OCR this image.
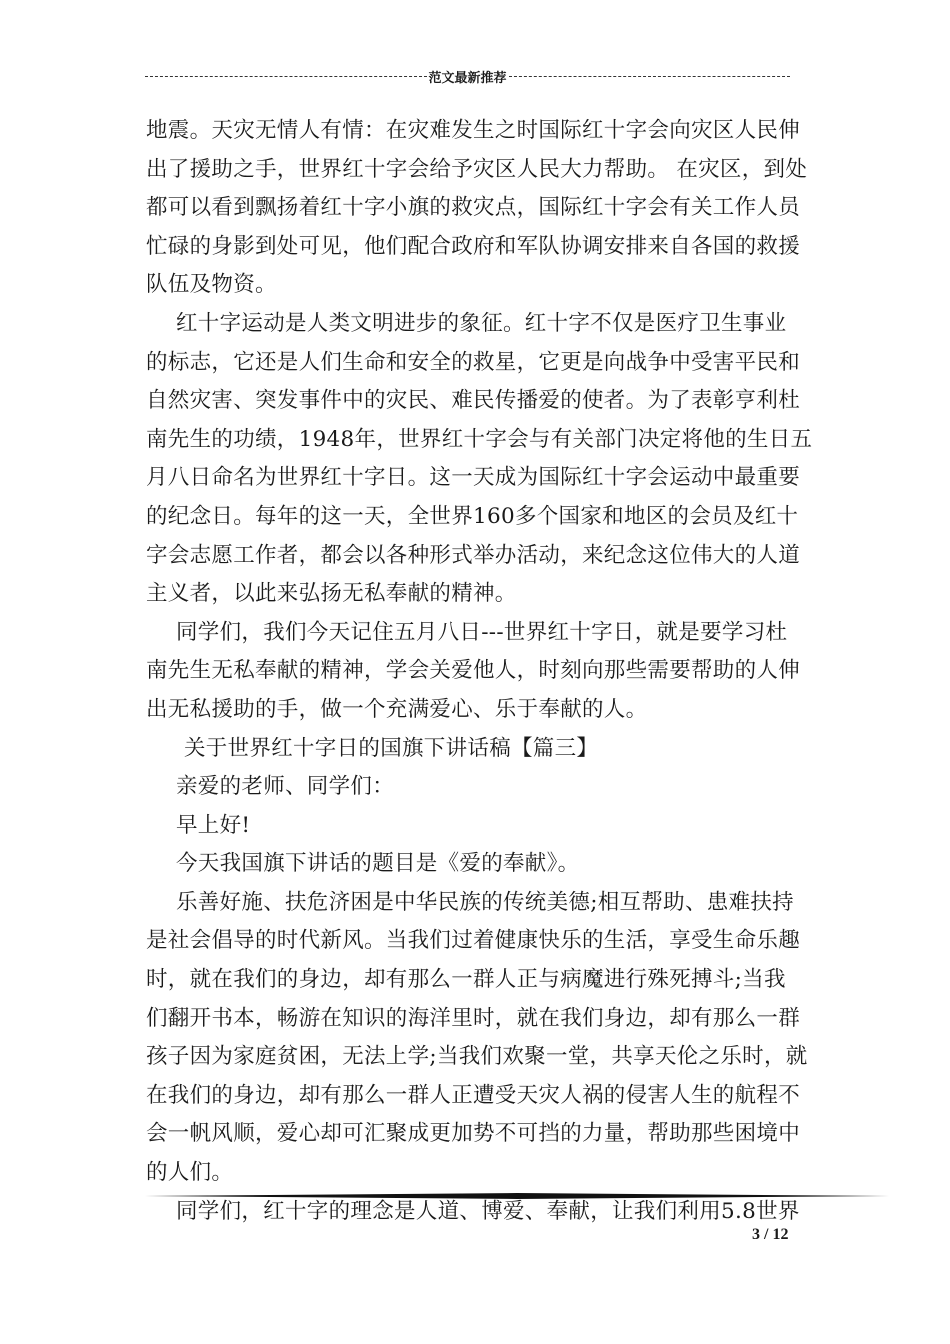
范文最新推荐
地震。天灾无情人有情：在灾难发生之时国际红十字会向灾区人民伸
出了援助之手，世界红十字会给予灾区人民大力帮助。 在灾区，到处
都可以看到飘扬着红十字小旗的救灾点，国际红十字会有关工作人员
忙碌的身影到处可见，他们配合政府和军队协调安排来自各国的救援
队伍及物资。
红十字运动是人类文明进步的象征。红十字不仅是医疗卫生事业
的标志，它还是人们生命和安全的救星，它更是向战争中受害平民和
自然灾害、突发事件中的灾民、难民传播爱的使者。为了表彰亨利杜
南先生的功绩，1948年，世界红十字会与有关部门决定将他的生日五
月八日命名为世界红十字日。这一天成为国际红十字会运动中最重要
的纪念日。每年的这一天，全世界160多个国家和地区的会员及红十
字会志愿工作者，都会以各种形式举办活动，来纪念这位伟大的人道
主义者，以此来弘扬无私奉献的精神。
同学们，我们今天记住五月八日---世界红十字日，就是要学习杜
南先生无私奉献的精神，学会关爱他人，时刻向那些需要帮助的人伸
出无私援助的手，做一个充满爱心、乐于奉献的人。
关于世界红十字日的国旗下讲话稿【篇三】
亲爱的老师、同学们：
早上好!
今天我国旗下讲话的题目是《爱的奉献》。
乐善好施、扶危济困是中华民族的传统美德;相互帮助、患难扶持
是社会倡导的时代新风。当我们过着健康快乐的生活，享受生命乐趣
时，就在我们的身边，却有那么一群人正与病魔进行殊死搏斗;当我
们翻开书本，畅游在知识的海洋里时，就在我们身边，却有那么一群
孩子因为家庭贫困，无法上学;当我们欢聚一堂，共享天伦之乐时，就
在我们的身边，却有那么一群人正遭受天灾人祸的侵害人生的航程不
会一帆风顺，爱心却可汇聚成更加势不可挡的力量，帮助那些困境中
的人们。
同学们，红十字的理念是人道、博爱、奉献，让我们利用5.8世界
3 / 12
